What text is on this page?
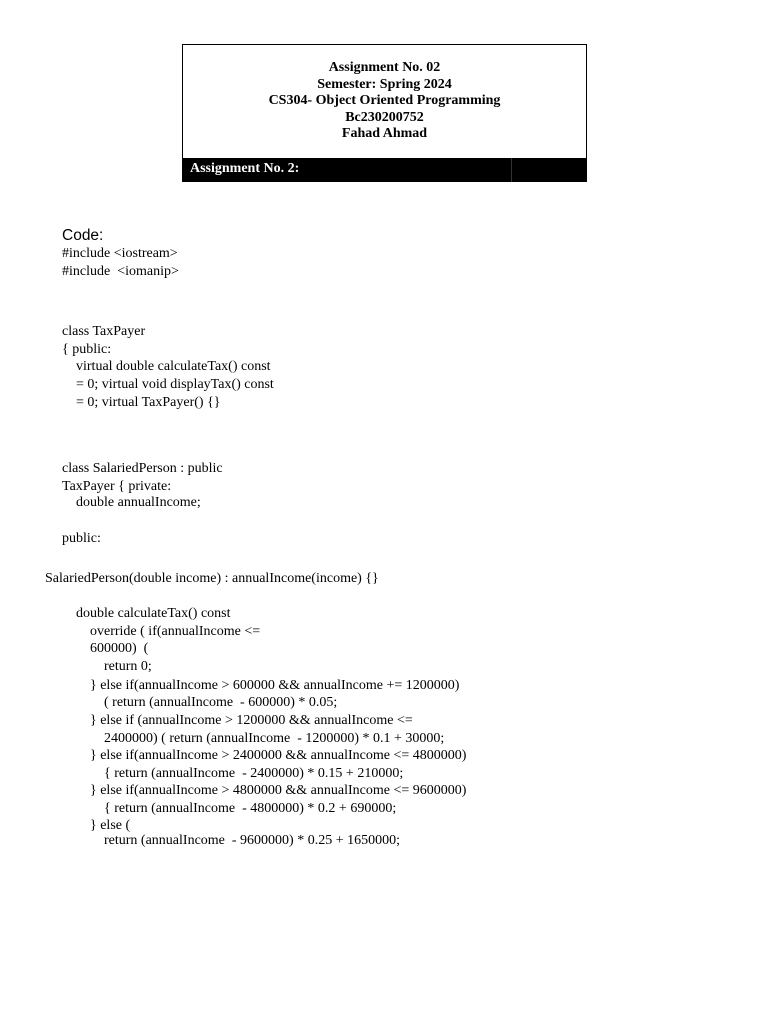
Assignment No. 02
Semester: Spring 2024
CS304- Object Oriented Programming
Bc230200752
Fahad Ahmad
Assignment No. 2:
Code:
#include <iostream>
#include  <iomanip>
class TaxPayer
{ public:
virtual double calculateTax() const
= 0; virtual void displayTax() const
= 0; virtual TaxPayer() {}
class SalariedPerson : public
TaxPayer { private:
double annualIncome;
public:
SalariedPerson(double income) : annualIncome(income) {}
double calculateTax() const
override ( if(annualIncome <=
600000)  (
return 0;
} else if(annualIncome > 600000 && annualIncome += 1200000)
( return (annualIncome  - 600000) * 0.05;
} else if (annualIncome > 1200000 && annualIncome <=
2400000) ( return (annualIncome  - 1200000) * 0.1 + 30000;
} else if(annualIncome > 2400000 && annualIncome <= 4800000)
{ return (annualIncome  - 2400000) * 0.15 + 210000;
} else if(annualIncome > 4800000 && annualIncome <= 9600000)
{ return (annualIncome  - 4800000) * 0.2 + 690000;
} else (
return (annualIncome  - 9600000) * 0.25 + 1650000;
